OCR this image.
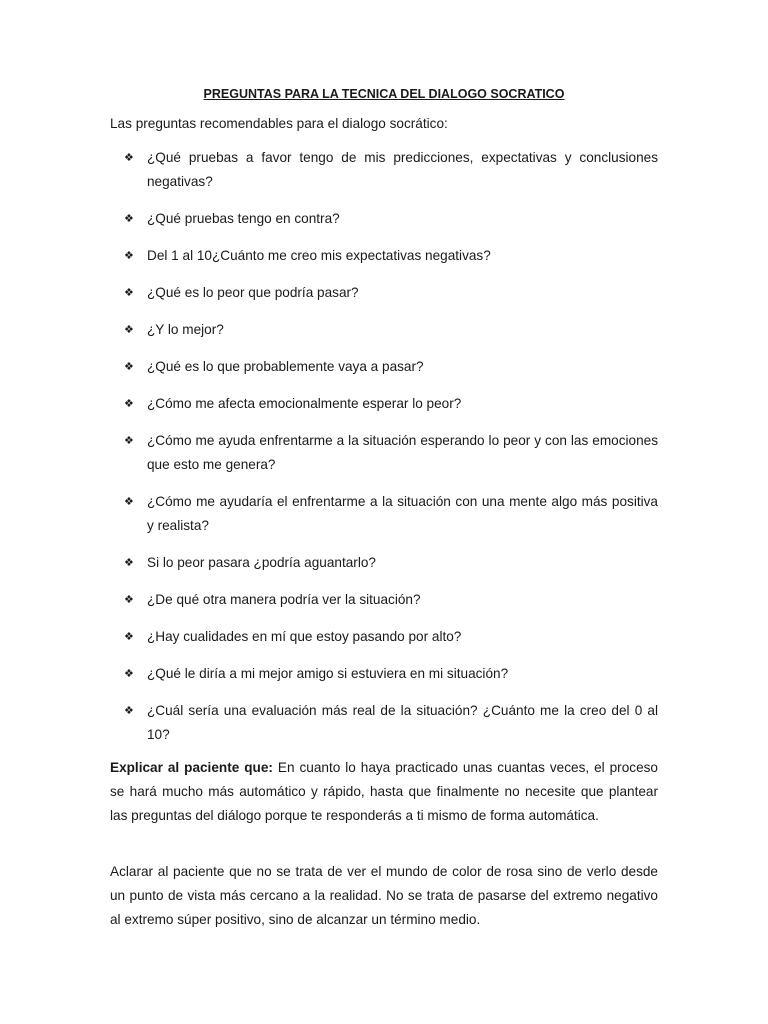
PREGUNTAS PARA LA TECNICA DEL DIALOGO SOCRATICO

Las preguntas recomendables para el dialogo socrático:

❖ ¿Qué pruebas a favor tengo de mis predicciones, expectativas y conclusiones negativas?
❖ ¿Qué pruebas tengo en contra?
❖ Del 1 al 10¿Cuánto me creo mis expectativas negativas?
❖ ¿Qué es lo peor que podría pasar?
❖ ¿Y lo mejor?
❖ ¿Qué es lo que probablemente vaya a pasar?
❖ ¿Cómo me afecta emocionalmente esperar lo peor?
❖ ¿Cómo me ayuda enfrentarme a la situación esperando lo peor y con las emociones que esto me genera?
❖ ¿Cómo me ayudaría el enfrentarme a la situación con una mente algo más positiva y realista?
❖ Si lo peor pasara ¿podría aguantarlo?
❖ ¿De qué otra manera podría ver la situación?
❖ ¿Hay cualidades en mí que estoy pasando por alto?
❖ ¿Qué le diría a mi mejor amigo si estuviera en mi situación?
❖ ¿Cuál sería una evaluación más real de la situación? ¿Cuánto me la creo del 0 al 10?

Explicar al paciente que: En cuanto lo haya practicado unas cuantas veces, el proceso se hará mucho más automático y rápido, hasta que finalmente no necesite que plantear las preguntas del diálogo porque te responderás a ti mismo de forma automática.

Aclarar al paciente que no se trata de ver el mundo de color de rosa sino de verlo desde un punto de vista más cercano a la realidad. No se trata de pasarse del extremo negativo al extremo súper positivo, sino de alcanzar un término medio.
